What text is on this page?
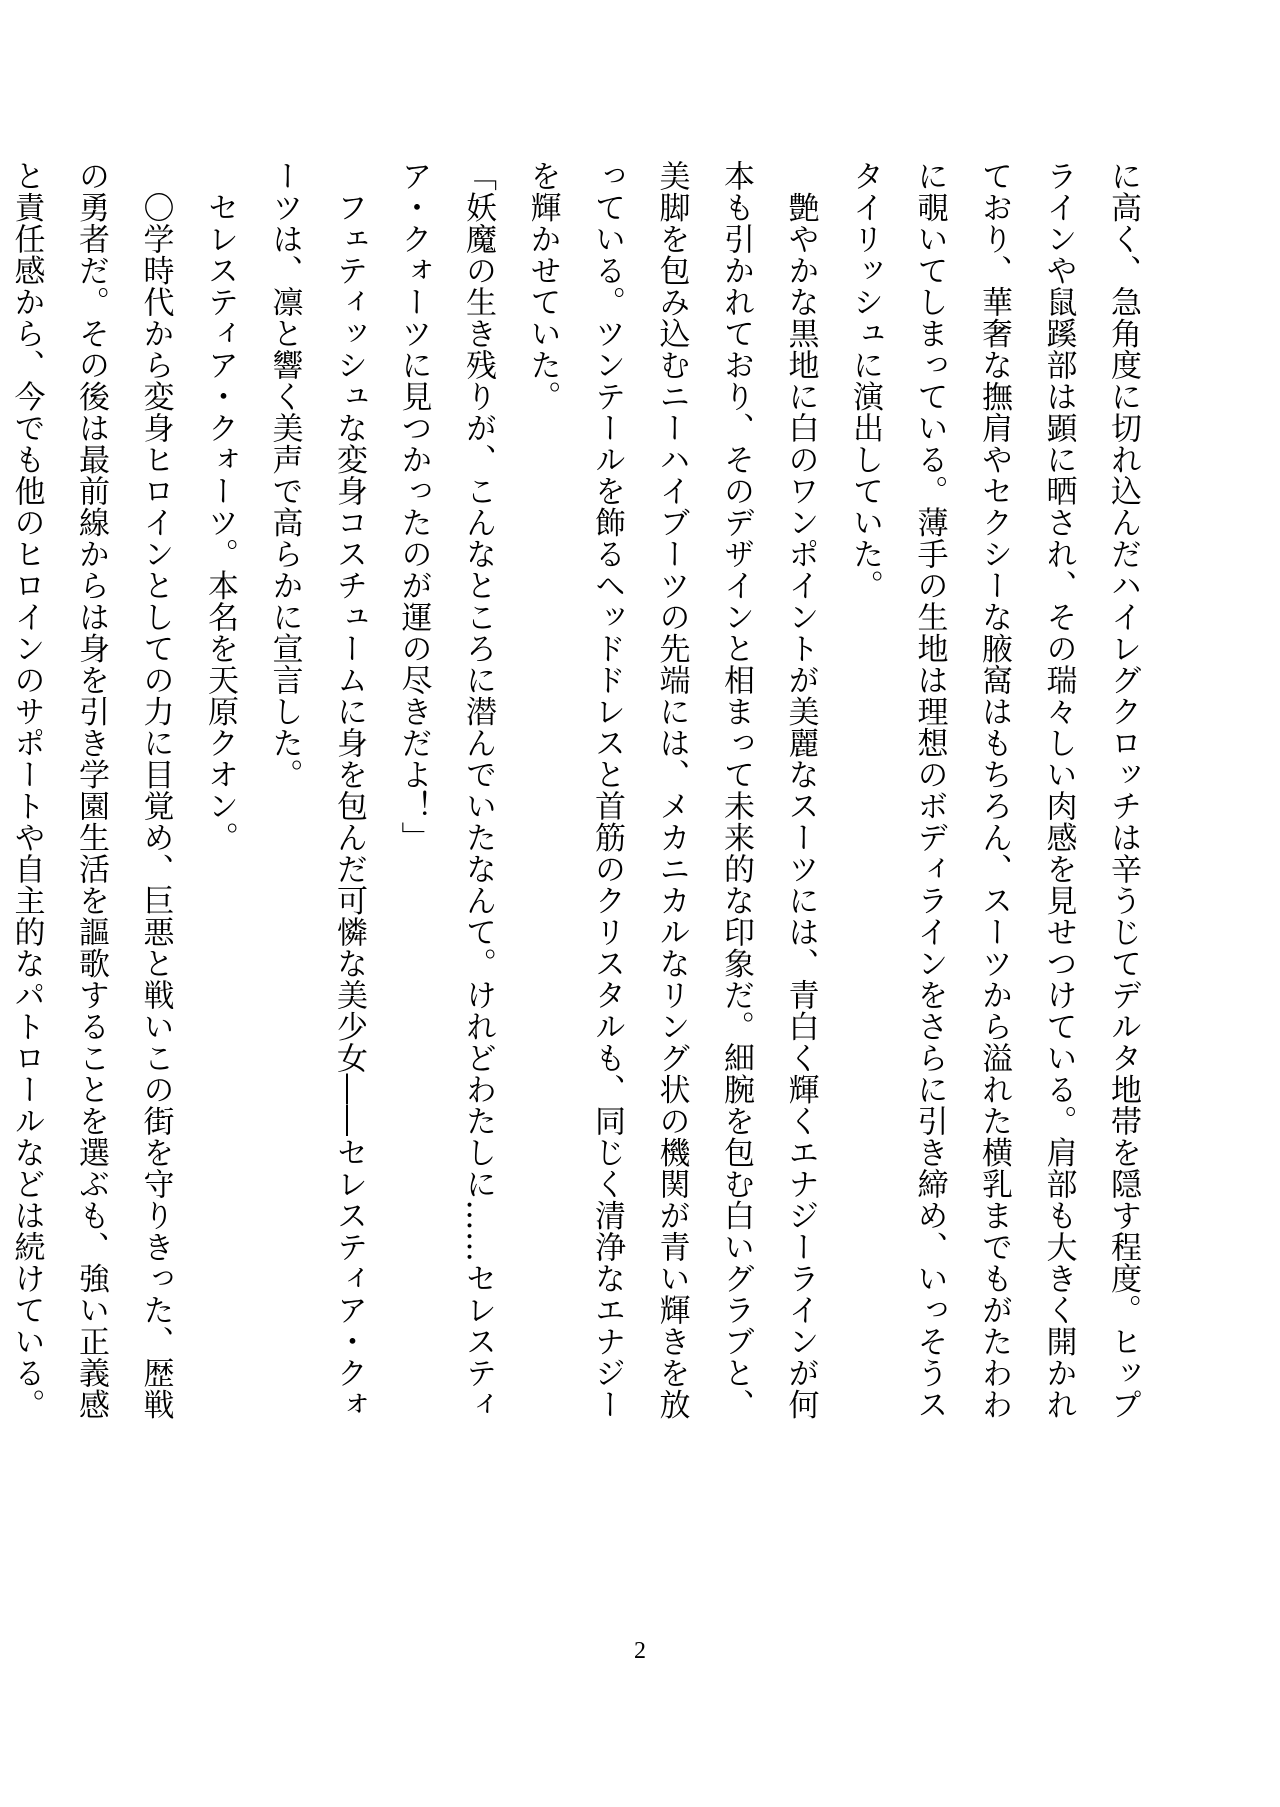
に高く、急角度に切れ込んだハイレグクロッチは辛うじてデルタ地帯を隠す程度。ヒップ
ラインや鼠蹊部は顕に晒され、その瑞々しい肉感を見せつけている。肩部も大きく開かれ
ており、華奢な撫肩やセクシーな腋窩はもちろん、スーツから溢れた横乳までもがたわわ
に覗いてしまっている。薄手の生地は理想のボディラインをさらに引き締め、いっそうス
タイリッシュに演出していた。
　艶やかな黒地に白のワンポイントが美麗なスーツには、青白く輝くエナジーラインが何
本も引かれており、そのデザインと相まって未来的な印象だ。細腕を包む白いグラブと、
美脚を包み込むニーハイブーツの先端には、メカニカルなリング状の機関が青い輝きを放
っている。ツンテールを飾るヘッドドレスと首筋のクリスタルも、同じく清浄なエナジー
を輝かせていた。
「妖魔の生き残りが、こんなところに潜んでいたなんて。けれどわたしに……セレスティ
ア・クォーツに見つかったのが運の尽きだよ！」
　フェティッシュな変身コスチュームに身を包んだ可憐な美少女――セレスティア・クォ
ーツは、凛と響く美声で高らかに宣言した。
　セレスティア・クォーツ。本名を天原クオン。
　〇学時代から変身ヒロインとしての力に目覚め、巨悪と戦いこの街を守りきった、歴戦
の勇者だ。その後は最前線からは身を引き学園生活を謳歌することを選ぶも、強い正義感
と責任感から、今でも他のヒロインのサポートや自主的なパトロールなどは続けている。
2
